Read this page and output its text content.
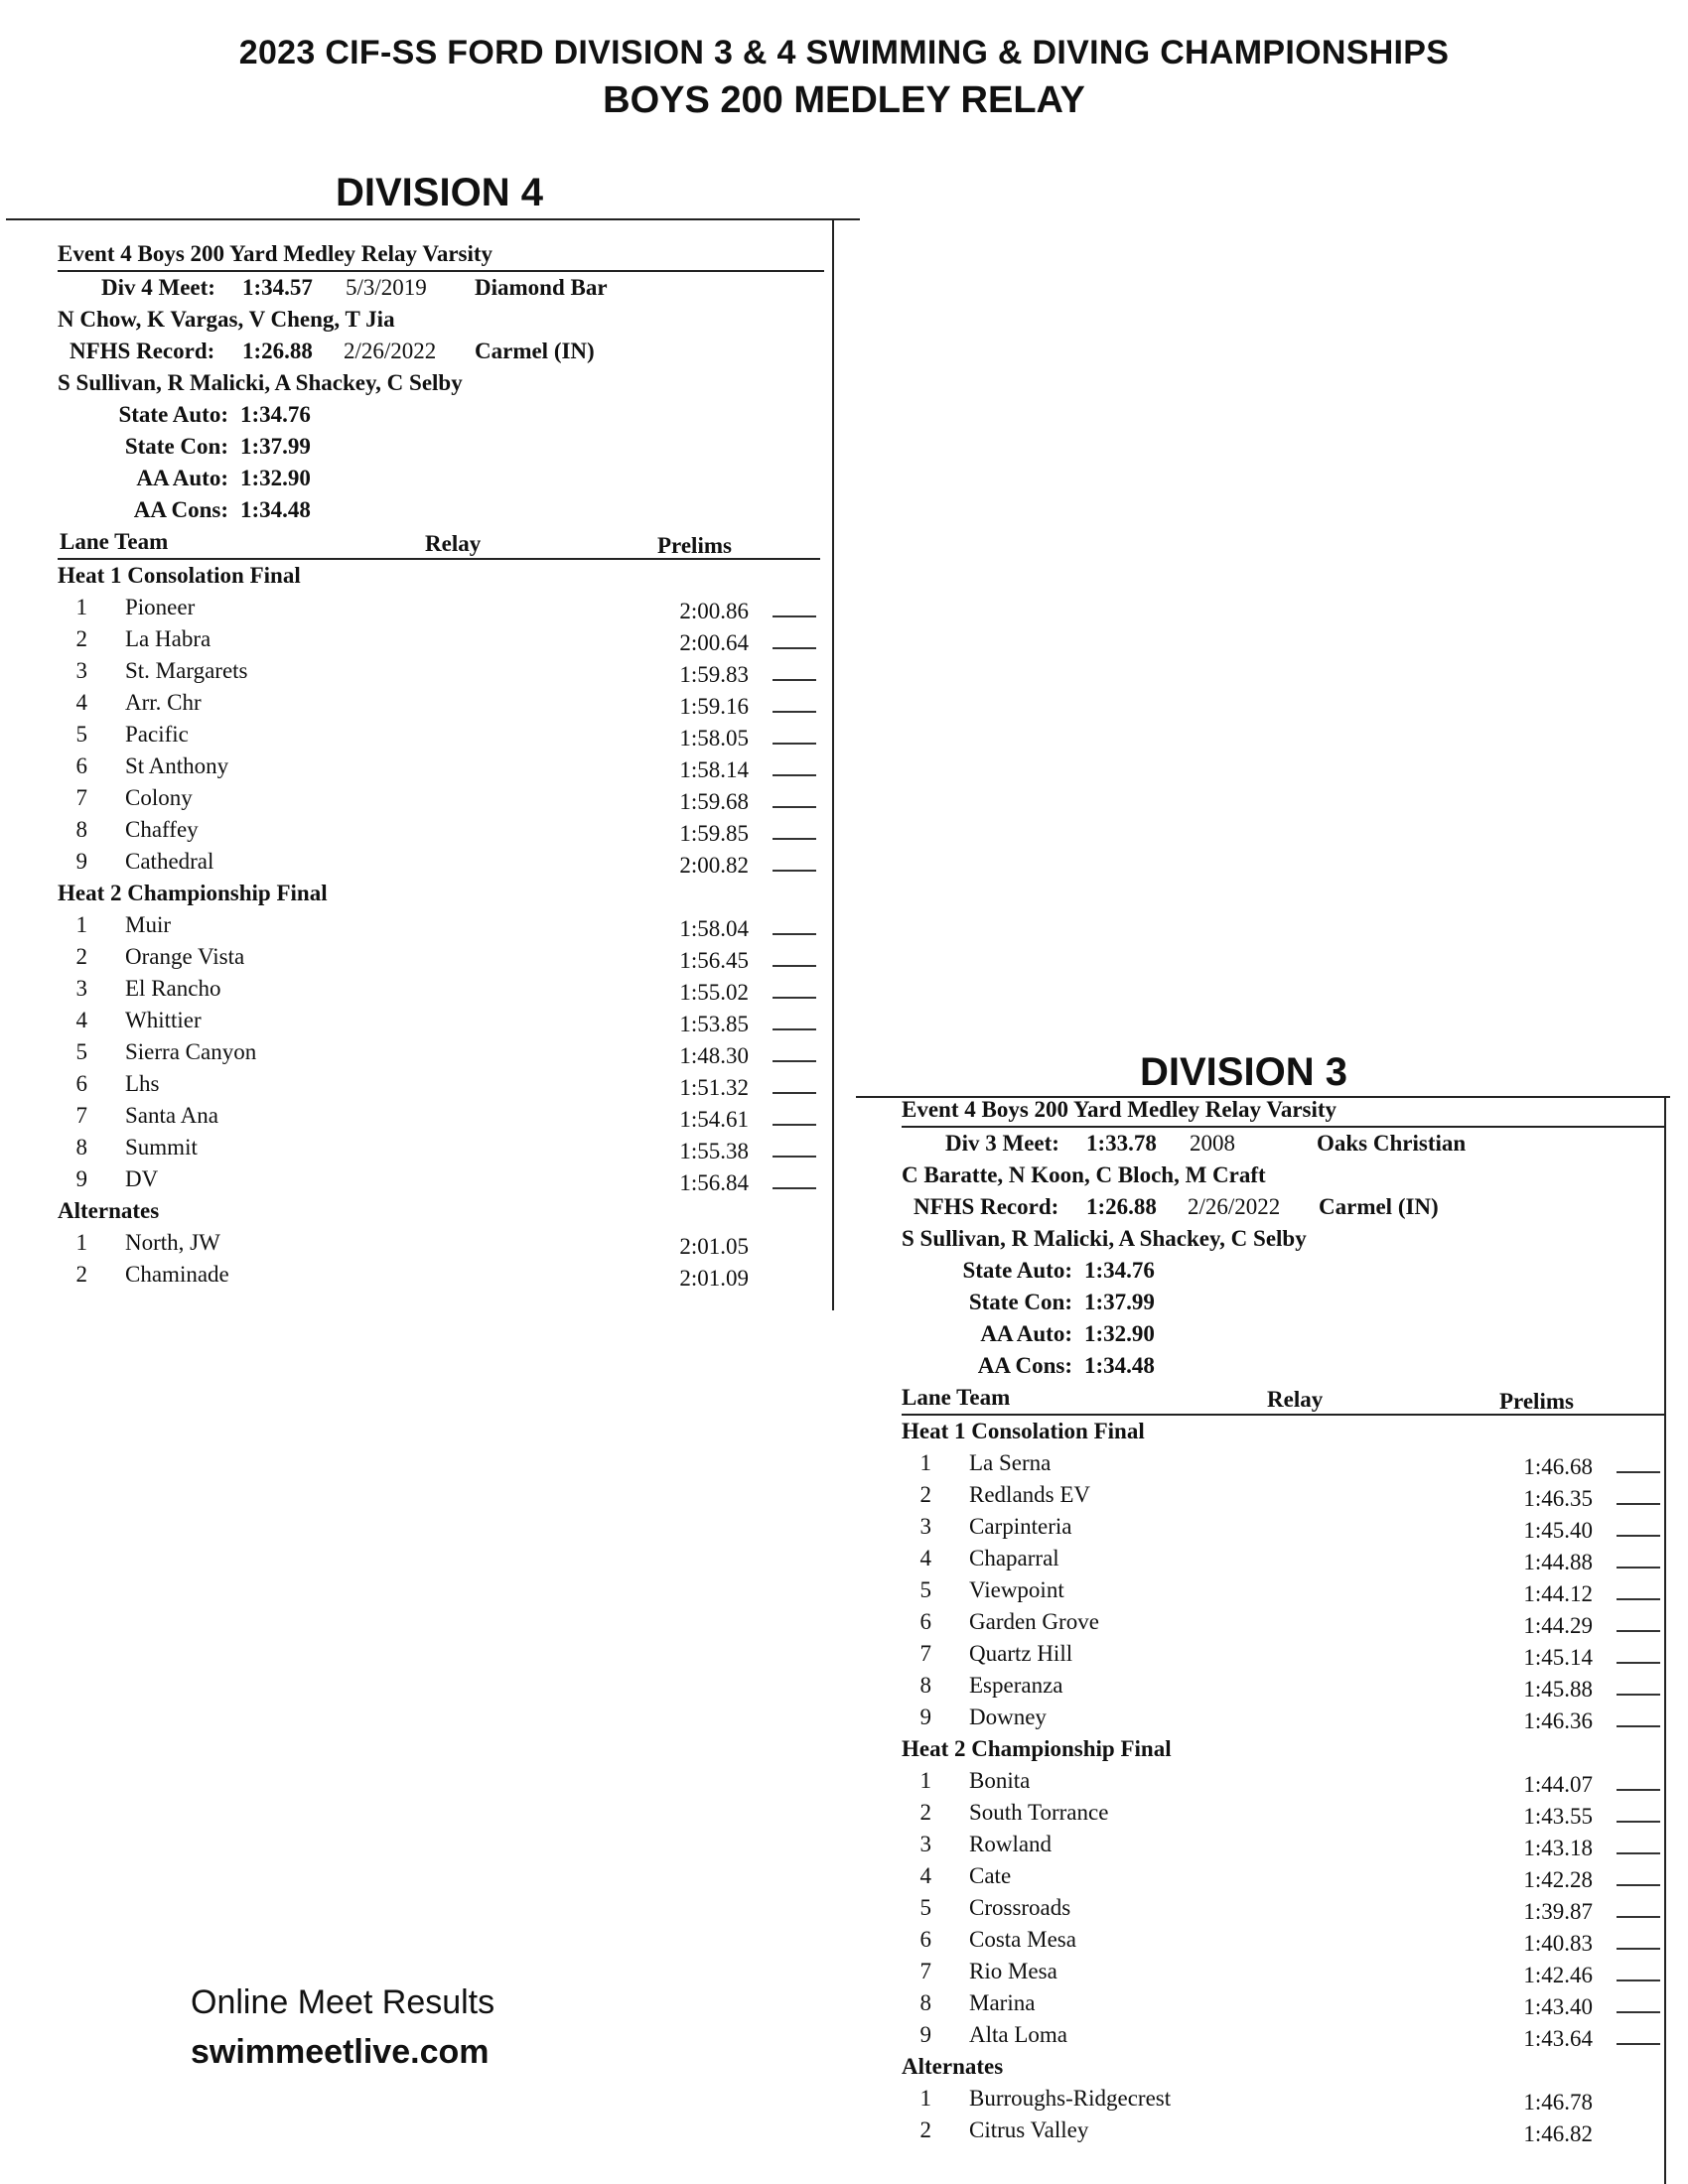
2023 CIF-SS FORD DIVISION 3 & 4 SWIMMING & DIVING CHAMPIONSHIPS
BOYS 200 MEDLEY RELAY
DIVISION 4
Event 4 Boys 200 Yard Medley Relay Varsity
Div 4 Meet: 1:34.57 5/3/2019 Diamond Bar
N Chow, K Vargas, V Cheng, T Jia
NFHS Record: 1:26.88 2/26/2022 Carmel (IN)
S Sullivan, R Malicki, A Shackey, C Selby
State Auto: 1:34.76
State Con: 1:37.99
AA Auto: 1:32.90
AA Cons: 1:34.48
Lane Team	Relay	Prelims
Heat 1 Consolation Final
1 Pioneer	2:00.86
2 La Habra	2:00.64
3 St. Margarets	1:59.83
4 Arr. Chr	1:59.16
5 Pacific	1:58.05
6 St Anthony	1:58.14
7 Colony	1:59.68
8 Chaffey	1:59.85
9 Cathedral	2:00.82
Heat 2 Championship Final
1 Muir	1:58.04
2 Orange Vista	1:56.45
3 El Rancho	1:55.02
4 Whittier	1:53.85
5 Sierra Canyon	1:48.30
6 Lhs	1:51.32
7 Santa Ana	1:54.61
8 Summit	1:55.38
9 DV	1:56.84
Alternates
1 North, JW	2:01.05
2 Chaminade	2:01.09
DIVISION 3
Event 4 Boys 200 Yard Medley Relay Varsity
Div 3 Meet: 1:33.78 2008	Oaks Christian
C Baratte, N Koon, C Bloch, M Craft
NFHS Record: 1:26.88 2/26/2022 Carmel (IN)
S Sullivan, R Malicki, A Shackey, C Selby
State Auto: 1:34.76
State Con: 1:37.99
AA Auto: 1:32.90
AA Cons: 1:34.48
Lane Team	Relay	Prelims
Heat 1 Consolation Final
1 La Serna	1:46.68
2 Redlands EV	1:46.35
3 Carpinteria	1:45.40
4 Chaparral	1:44.88
5 Viewpoint	1:44.12
6 Garden Grove	1:44.29
7 Quartz Hill	1:45.14
8 Esperanza	1:45.88
9 Downey	1:46.36
Heat 2 Championship Final
1 Bonita	1:44.07
2 South Torrance	1:43.55
3 Rowland	1:43.18
4 Cate	1:42.28
5 Crossroads	1:39.87
6 Costa Mesa	1:40.83
7 Rio Mesa	1:42.46
8 Marina	1:43.40
9 Alta Loma	1:43.64
Alternates
1 Burroughs-Ridgecrest	1:46.78
2 Citrus Valley	1:46.82
Online Meet Results
swimmeetlive.com
